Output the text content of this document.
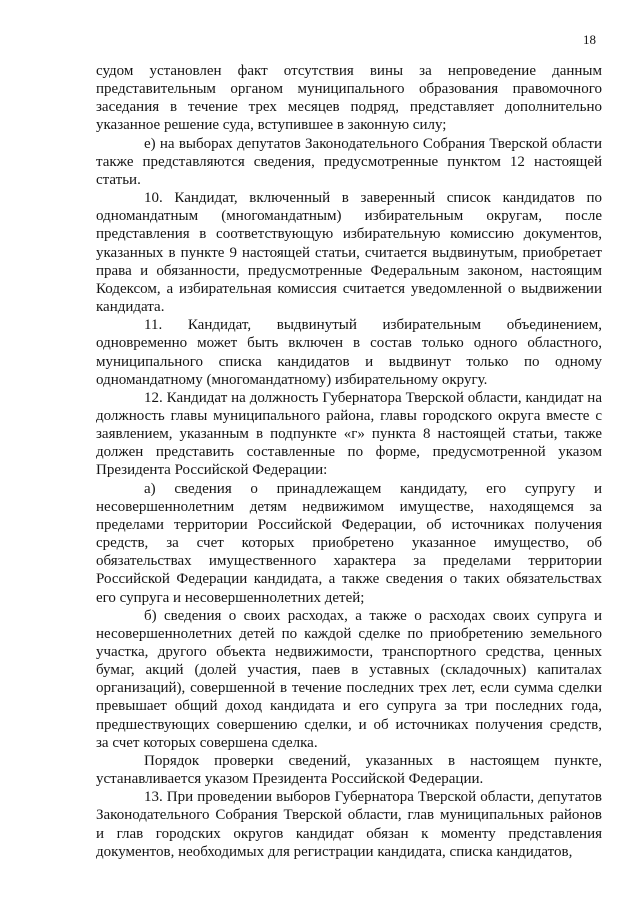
18
судом установлен факт отсутствия вины за непроведение данным
представительным органом муниципального образования правомочного
заседания в течение трех месяцев подряд, представляет дополнительно
указанное решение суда, вступившее в законную силу;
е) на выборах депутатов Законодательного Собрания Тверской области
также представляются сведения, предусмотренные пунктом 12 настоящей
статьи.
10. Кандидат, включенный в заверенный список кандидатов по
одномандатным (многомандатным) избирательным округам, после
представления в соответствующую избирательную комиссию документов,
указанных в пункте 9 настоящей статьи, считается выдвинутым, приобретает
права и обязанности, предусмотренные Федеральным законом, настоящим
Кодексом, а избирательная комиссия считается уведомленной о выдвижении
кандидата.
11. Кандидат, выдвинутый избирательным объединением,
одновременно может быть включен в состав только одного областного,
муниципального списка кандидатов и выдвинут только по одному
одномандатному (многомандатному) избирательному округу.
12. Кандидат на должность Губернатора Тверской области, кандидат на
должность главы муниципального района, главы городского округа вместе с
заявлением, указанным в подпункте «г» пункта 8 настоящей статьи, также
должен представить составленные по форме, предусмотренной указом
Президента Российской Федерации:
а) сведения о принадлежащем кандидату, его супругу и
несовершеннолетним детям недвижимом имуществе, находящемся за
пределами территории Российской Федерации, об источниках получения
средств, за счет которых приобретено указанное имущество, об
обязательствах имущественного характера за пределами территории
Российской Федерации кандидата, а также сведения о таких обязательствах
его супруга и несовершеннолетних детей;
б) сведения о своих расходах, а также о расходах своих супруга и
несовершеннолетних детей по каждой сделке по приобретению земельного
участка, другого объекта недвижимости, транспортного средства, ценных
бумаг, акций (долей участия, паев в уставных (складочных) капиталах
организаций), совершенной в течение последних трех лет, если сумма сделки
превышает общий доход кандидата и его супруга за три последних года,
предшествующих совершению сделки, и об источниках получения средств,
за счет которых совершена сделка.
Порядок проверки сведений, указанных в настоящем пункте,
устанавливается указом Президента Российской Федерации.
13. При проведении выборов Губернатора Тверской области, депутатов
Законодательного Собрания Тверской области, глав муниципальных районов
и глав городских округов кандидат обязан к моменту представления
документов, необходимых для регистрации кандидата, списка кандидатов,
